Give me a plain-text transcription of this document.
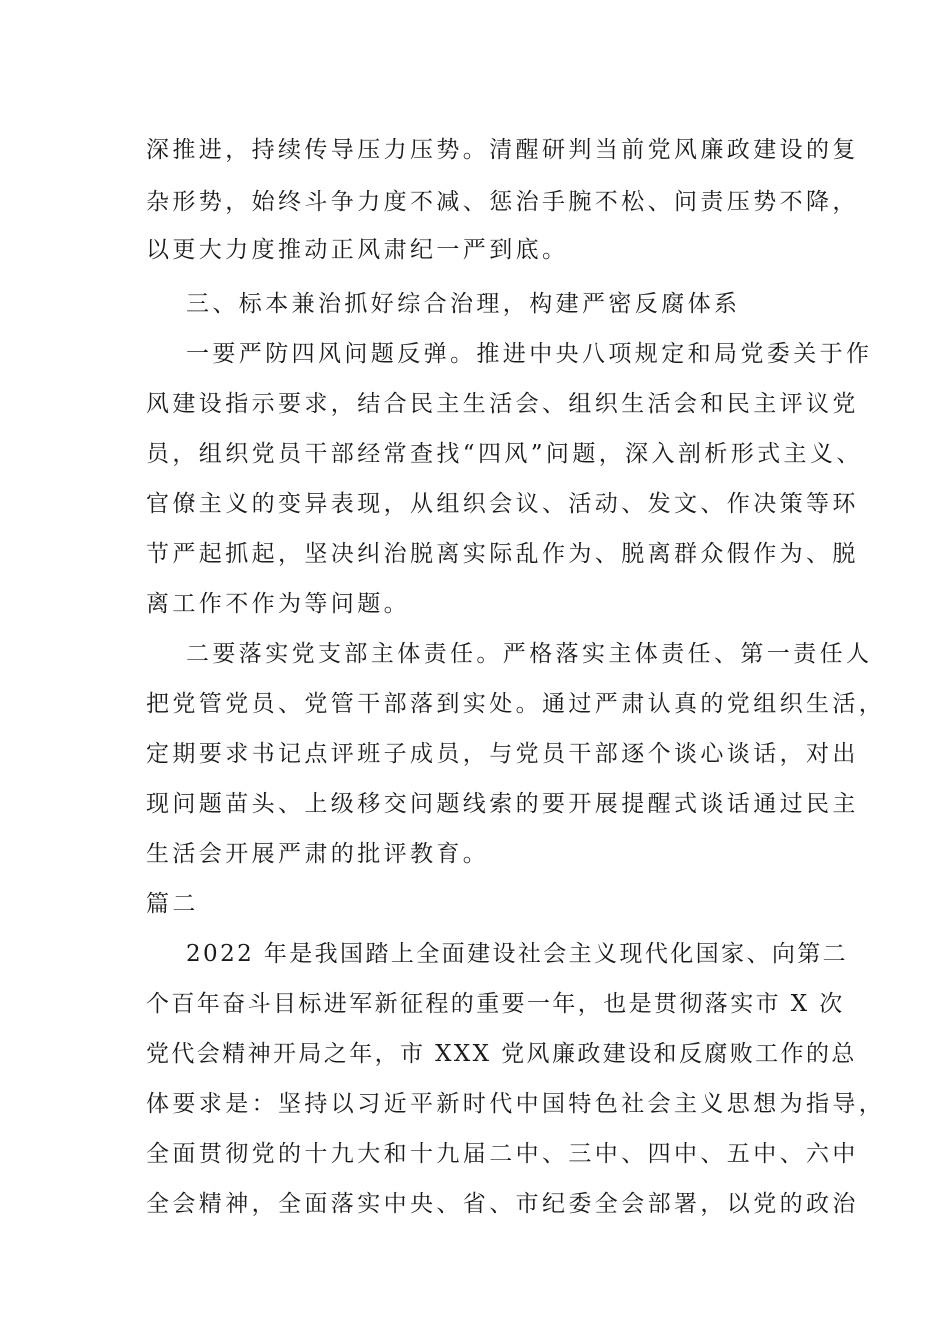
深推进，持续传导压力压势。清醒研判当前党风廉政建设的复
杂形势，始终斗争力度不减、惩治手腕不松、问责压势不降，
以更大力度推动正风肃纪一严到底。
三、标本兼治抓好综合治理，构建严密反腐体系
一要严防四风问题反弹。推进中央八项规定和局党委关于作
风建设指示要求，结合民主生活会、组织生活会和民主评议党
员，组织党员干部经常查找“四风”问题，深入剖析形式主义、
官僚主义的变异表现，从组织会议、活动、发文、作决策等环
节严起抓起，坚决纠治脱离实际乱作为、脱离群众假作为、脱
离工作不作为等问题。
二要落实党支部主体责任。严格落实主体责任、第一责任人
把党管党员、党管干部落到实处。通过严肃认真的党组织生活，
定期要求书记点评班子成员，与党员干部逐个谈心谈话，对出
现问题苗头、上级移交问题线索的要开展提醒式谈话通过民主
生活会开展严肃的批评教育。
篇二
2022 年是我国踏上全面建设社会主义现代化国家、向第二
个百年奋斗目标进军新征程的重要一年，也是贯彻落实市 X 次
党代会精神开局之年，市 XXX 党风廉政建设和反腐败工作的总
体要求是：坚持以习近平新时代中国特色社会主义思想为指导，
全面贯彻党的十九大和十九届二中、三中、四中、五中、六中
全会精神，全面落实中央、省、市纪委全会部署，以党的政治
